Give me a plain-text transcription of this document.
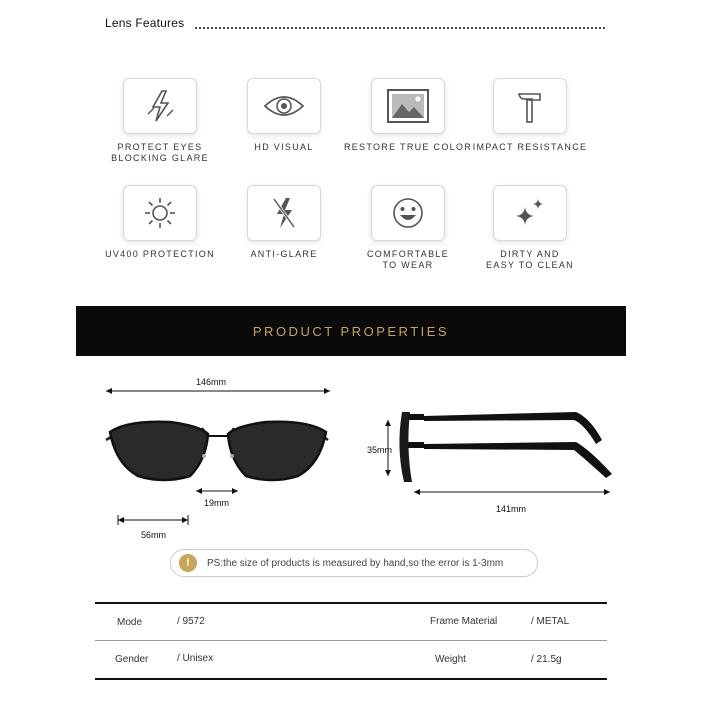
Lens Features
PROTECT EYES
BLOCKING GLARE
HD VISUAL	RESTORE TRUE COLOR IMPACT RESISTANCE
UV400 PROTECTION	ANTI-GLARE	COMFORTABLE
TO WEAR
DIRTY AND
EASY TO CLEAN
PRODUCT PROPERTIES
146mm
19mm
56mm
35mm
141mm
!	PS:the size of products is measured by hand,so the error is 1-3mm
Mode	/ 9572	Frame Material	/ METAL
Gender	/ Unisex	Weight	/ 21.5g
